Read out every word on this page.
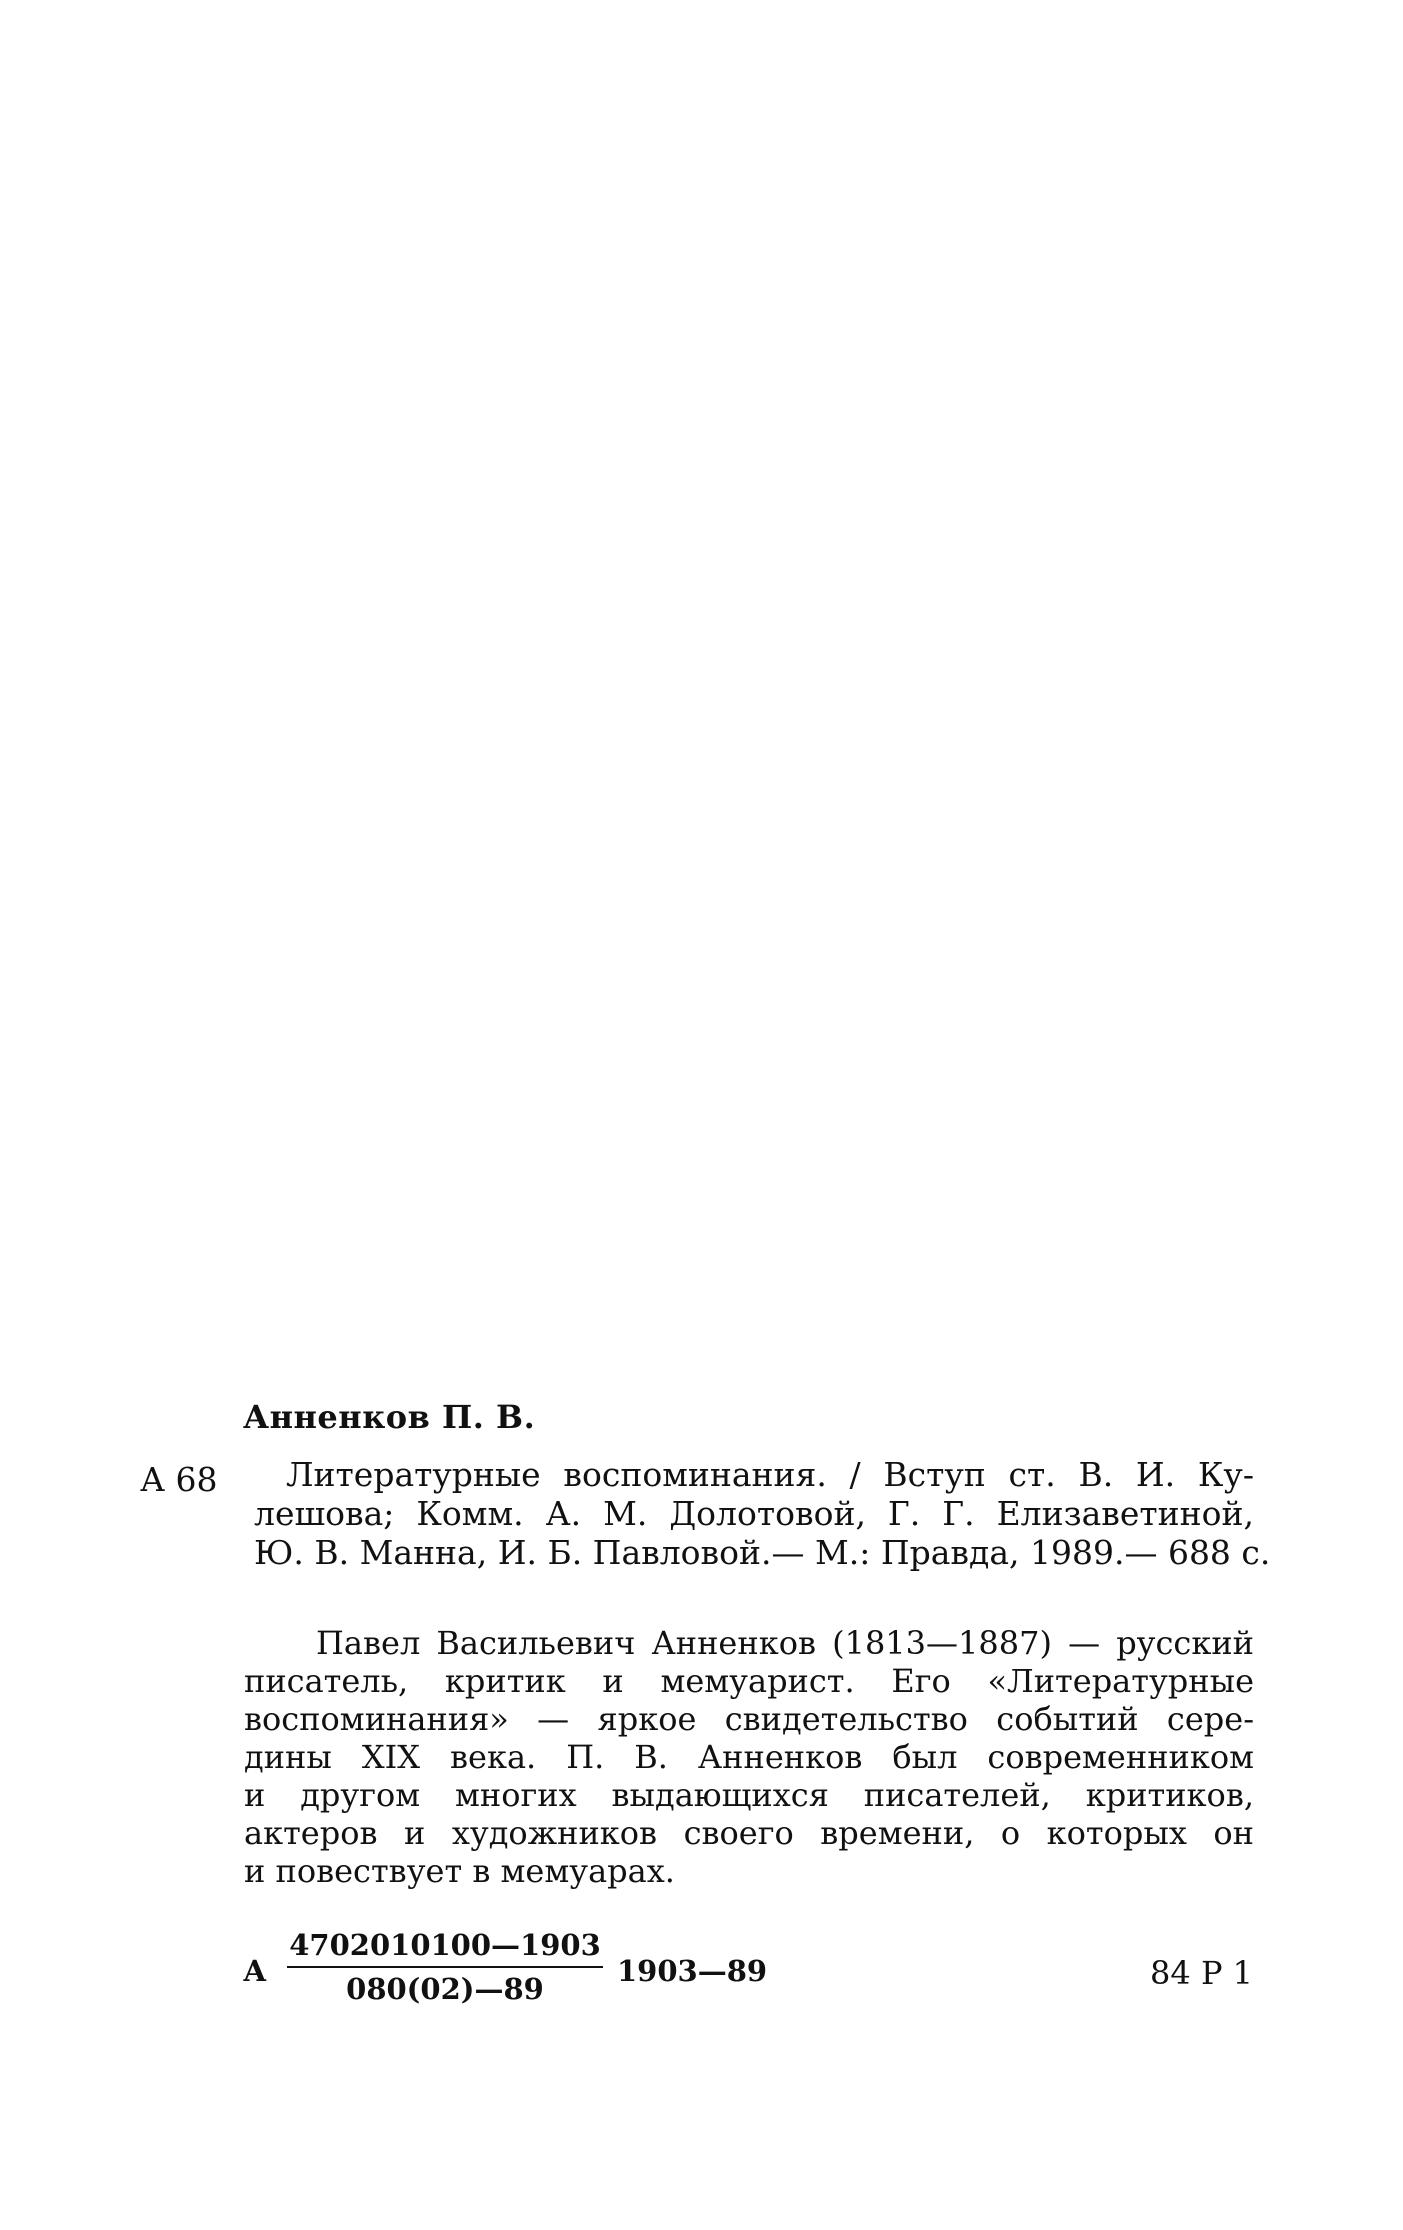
Анненков П. В.
А 68	Литературные воспоминания. / Вступ ст. В. И. Ку-
лешова; Комм. А. М. Долотовой, Г. Г. Елизаветиной,
Ю. В. Манна, И. Б. Павловой.— М.: Правда, 1989.— 688 с.
Павел Васильевич Анненков (1813—1887) — русский
писатель, критик и мемуарист. Его «Литературные
воспоминания» — яркое свидетельство событий сере-
дины XIX века. П. В. Анненков был современником
и другом многих выдающихся писателей, критиков,
актеров и художников своего времени, о которых он
и повествует в мемуарах.
А $\frac{4702010100—1903}{080(02)—89}$ 1903—89	84 Р 1
